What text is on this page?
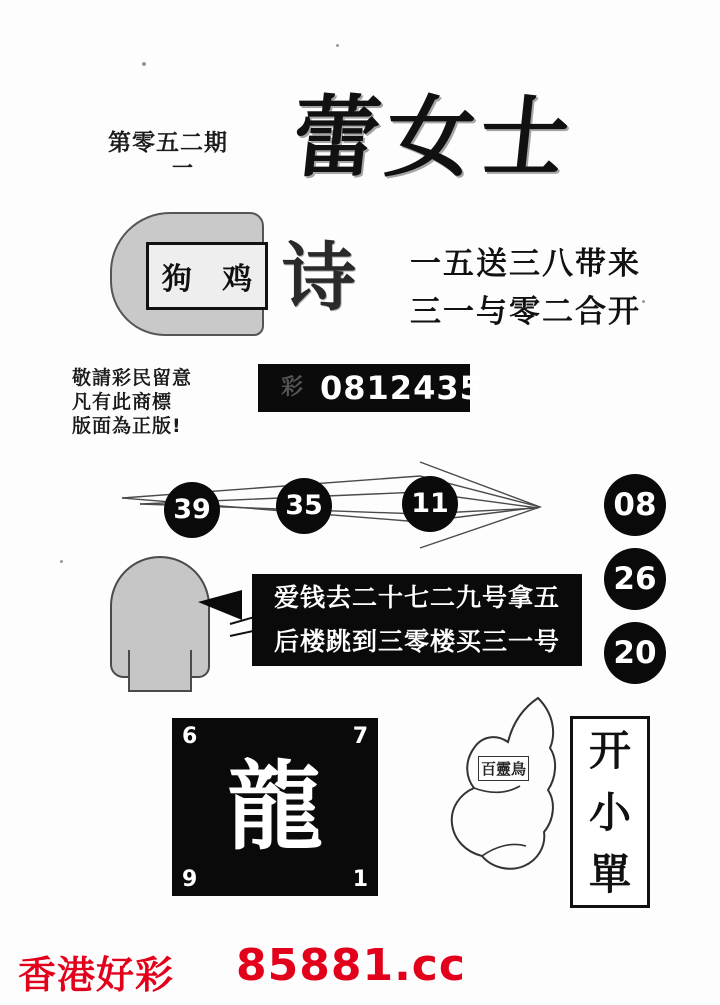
第零五二期
一 蕾女士
狗 鸡 诗 一五送三八带来
三一与零二合开
敬請彩民留意
凡有此商標
版面為正版!
彩 0812435
39	35	11	08
26
20
爱钱去二十七二九号拿五
后楼跳到三零楼买三一号
6	7
龍
9	1
百靈鳥	开
小
單
香港好彩 85881.cc
